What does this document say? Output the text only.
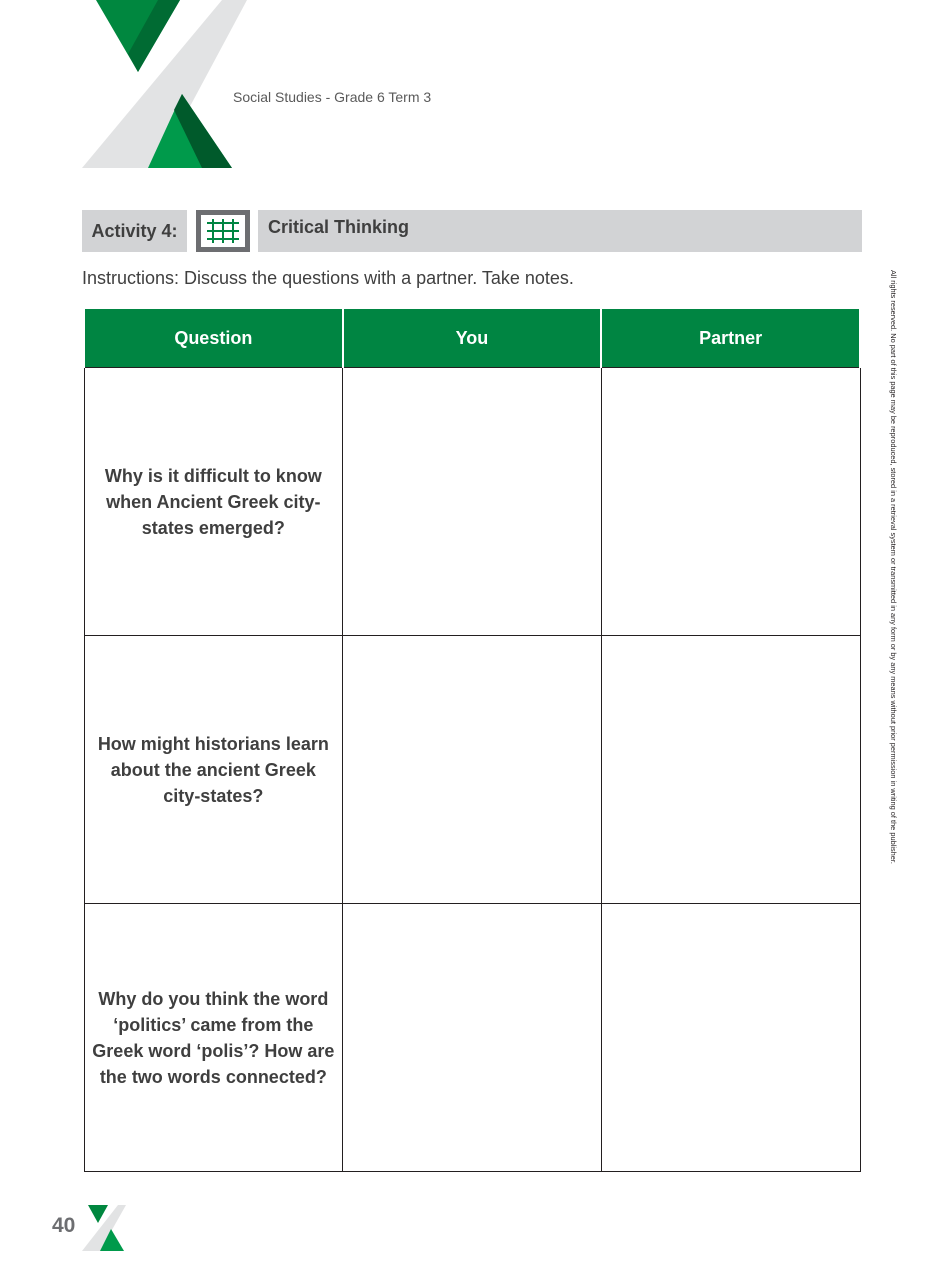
Social Studies - Grade 6 Term 3
Activity 4:	Critical Thinking
Instructions: Discuss the questions with a partner. Take notes.
Question	You	Partner
Why is it difficult to know when Ancient Greek city-states emerged?		
How might historians learn about the ancient Greek city-states?		
Why do you think the word ‘politics’ came from the Greek word ‘polis’? How are the two words connected?		
All rights reserved. No part of this page may be reproduced, stored in a retrieval system or transmitted in any form or by any means without prior permission in writing of the publisher.
40
